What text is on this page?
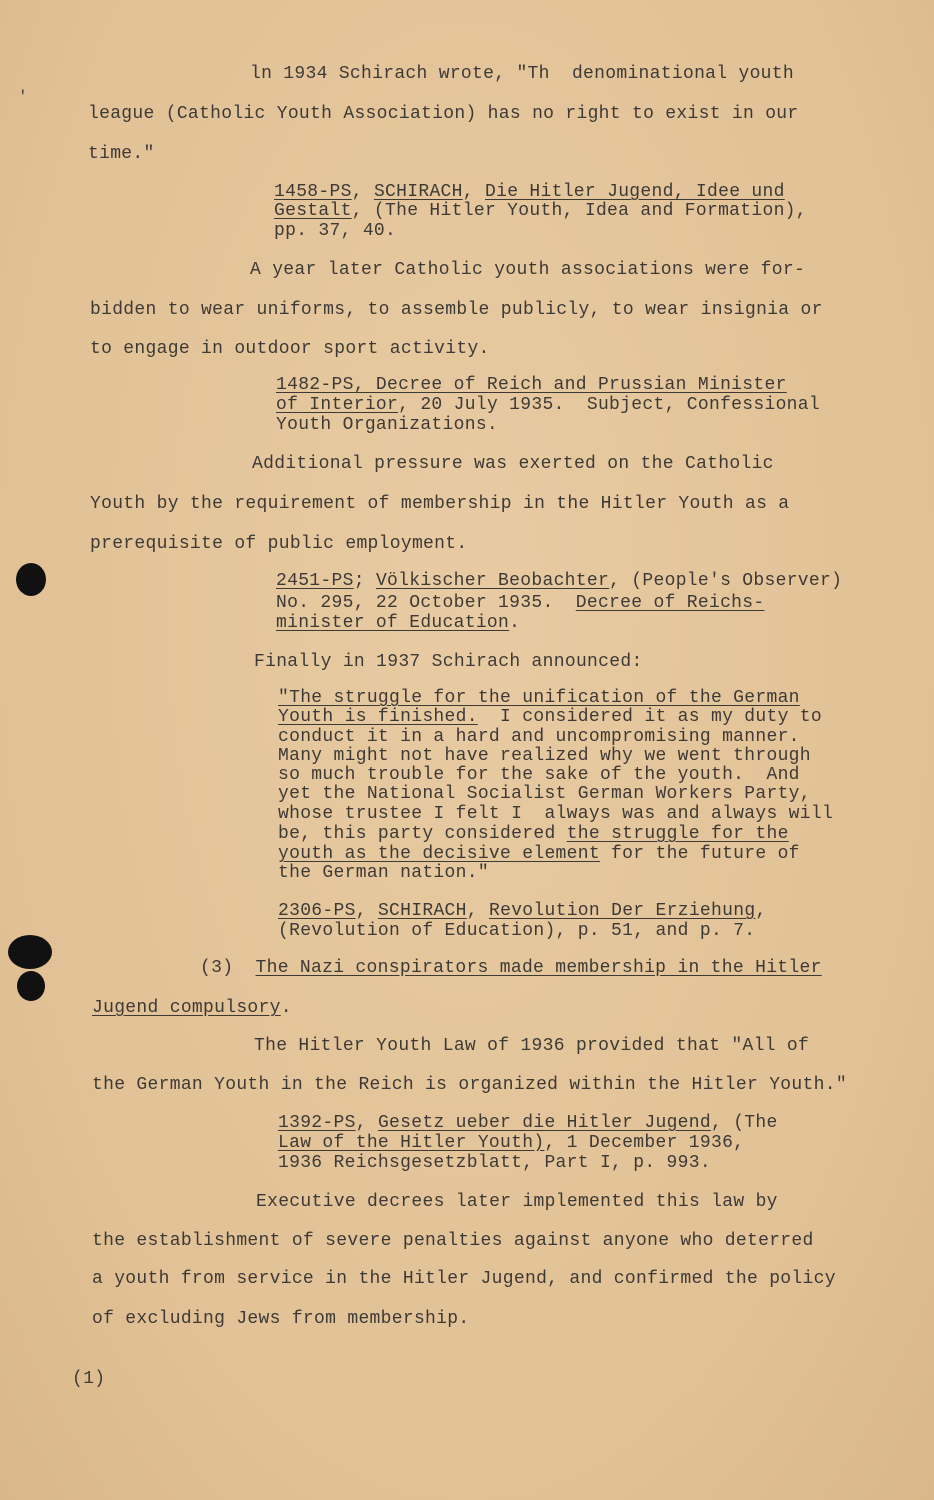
'
ln 1934 Schirach wrote, "Th  denominational youth
league (Catholic Youth Association) has no right to exist in our
time."
1458-PS, SCHIRACH, Die Hitler Jugend, Idee und
Gestalt, (The Hitler Youth, Idea and Formation),
pp. 37, 40.
A year later Catholic youth associations were for-
bidden to wear uniforms, to assemble publicly, to wear insignia or
to engage in outdoor sport activity.
1482-PS, Decree of Reich and Prussian Minister
of Interior, 20 July 1935.  Subject, Confessional
Youth Organizations.
Additional pressure was exerted on the Catholic
Youth by the requirement of membership in the Hitler Youth as a
prerequisite of public employment.
2451-PS; Völkischer Beobachter, (People's Observer)
No. 295, 22 October 1935.  Decree of Reichs-
minister of Education.
Finally in 1937 Schirach announced:
"The struggle for the unification of the German
Youth is finished.  I considered it as my duty to
conduct it in a hard and uncompromising manner.
Many might not have realized why we went through
so much trouble for the sake of the youth.  And
yet the National Socialist German Workers Party,
whose trustee I felt I  always was and always will
be, this party considered the struggle for the
youth as the decisive element for the future of
the German nation."
2306-PS, SCHIRACH, Revolution Der Erziehung,
(Revolution of Education), p. 51, and p. 7.
(3)  The Nazi conspirators made membership in the Hitler
Jugend compulsory.
The Hitler Youth Law of 1936 provided that "All of
the German Youth in the Reich is organized within the Hitler Youth."
1392-PS, Gesetz ueber die Hitler Jugend, (The
Law of the Hitler Youth), 1 December 1936,
1936 Reichsgesetzblatt, Part I, p. 993.
Executive decrees later implemented this law by
the establishment of severe penalties against anyone who deterred
a youth from service in the Hitler Jugend, and confirmed the policy
of excluding Jews from membership.
(1)
